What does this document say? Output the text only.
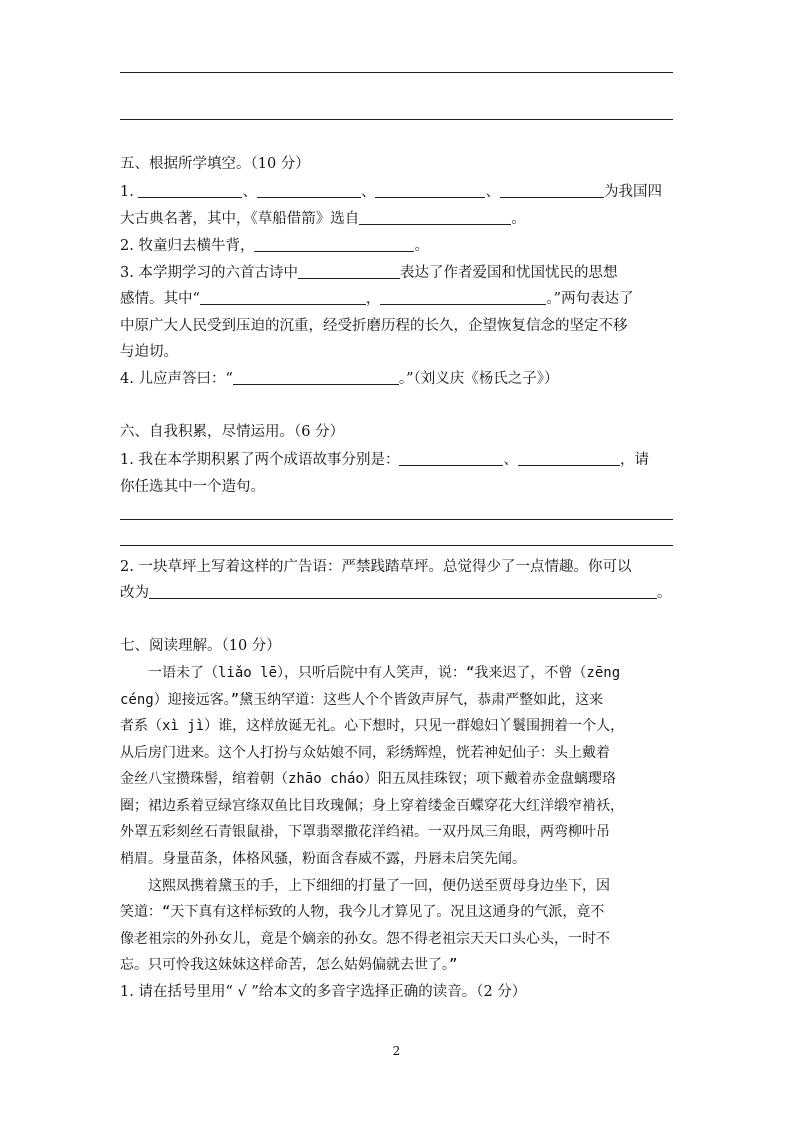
五、根据所学填空。（10 分）
1.	、	、	、	为我国四
大古典名著，其中，《草船借箭》选自	。
2. 牧童归去横牛背，	。
3. 本学期学习的六首古诗中	表达了作者爱国和忧国忧民的思想
感情。其中“	，	。”两句表达了
中原广大人民受到压迫的沉重，经受折磨历程的长久，企望恢复信念的坚定不移
与迫切。
4. 儿应声答曰：“	。”（刘义庆《杨氏之子》）
六、自我积累，尽情运用。（6 分）
1. 我在本学期积累了两个成语故事分别是：	、	，请
你任选其中一个造句。
2. 一块草坪上写着这样的广告语：严禁践踏草坪。总觉得少了一点情趣。你可以
改为	。
七、阅读理解。（10 分）
　　一语未了（liǎo lē），只听后院中有人笑声，说：“我来迟了，不曾（zēng
céng）迎接远客。”黛玉纳罕道：这些人个个皆敛声屏气，恭肃严整如此，这来
者系（xì jì）谁，这样放诞无礼。心下想时，只见一群媳妇丫鬟围拥着一个人，
从后房门进来。这个人打扮与众姑娘不同，彩绣辉煌，恍若神妃仙子：头上戴着
金丝八宝攒珠髻，绾着朝（zhāo cháo）阳五凤挂珠钗；项下戴着赤金盘螭璎珞
圈；裙边系着豆绿宫绦双鱼比目玫瑰佩；身上穿着缕金百蝶穿花大红洋缎窄褃袄，
外罩五彩刻丝石青银鼠褂，下罩翡翠撒花洋绉裙。一双丹凤三角眼，两弯柳叶吊
梢眉。身量苗条，体格风骚，粉面含春威不露，丹唇未启笑先闻。
　　这熙凤携着黛玉的手，上下细细的打量了一回，便仍送至贾母身边坐下，因
笑道：“天下真有这样标致的人物，我今儿才算见了。况且这通身的气派，竟不
像老祖宗的外孙女儿，竟是个嫡亲的孙女。怨不得老祖宗天天口头心头，一时不
忘。只可怜我这妹妹这样命苦，怎么姑妈偏就去世了。”
1. 请在括号里用“ √ ”给本文的多音字选择正确的读音。（2 分）
2
